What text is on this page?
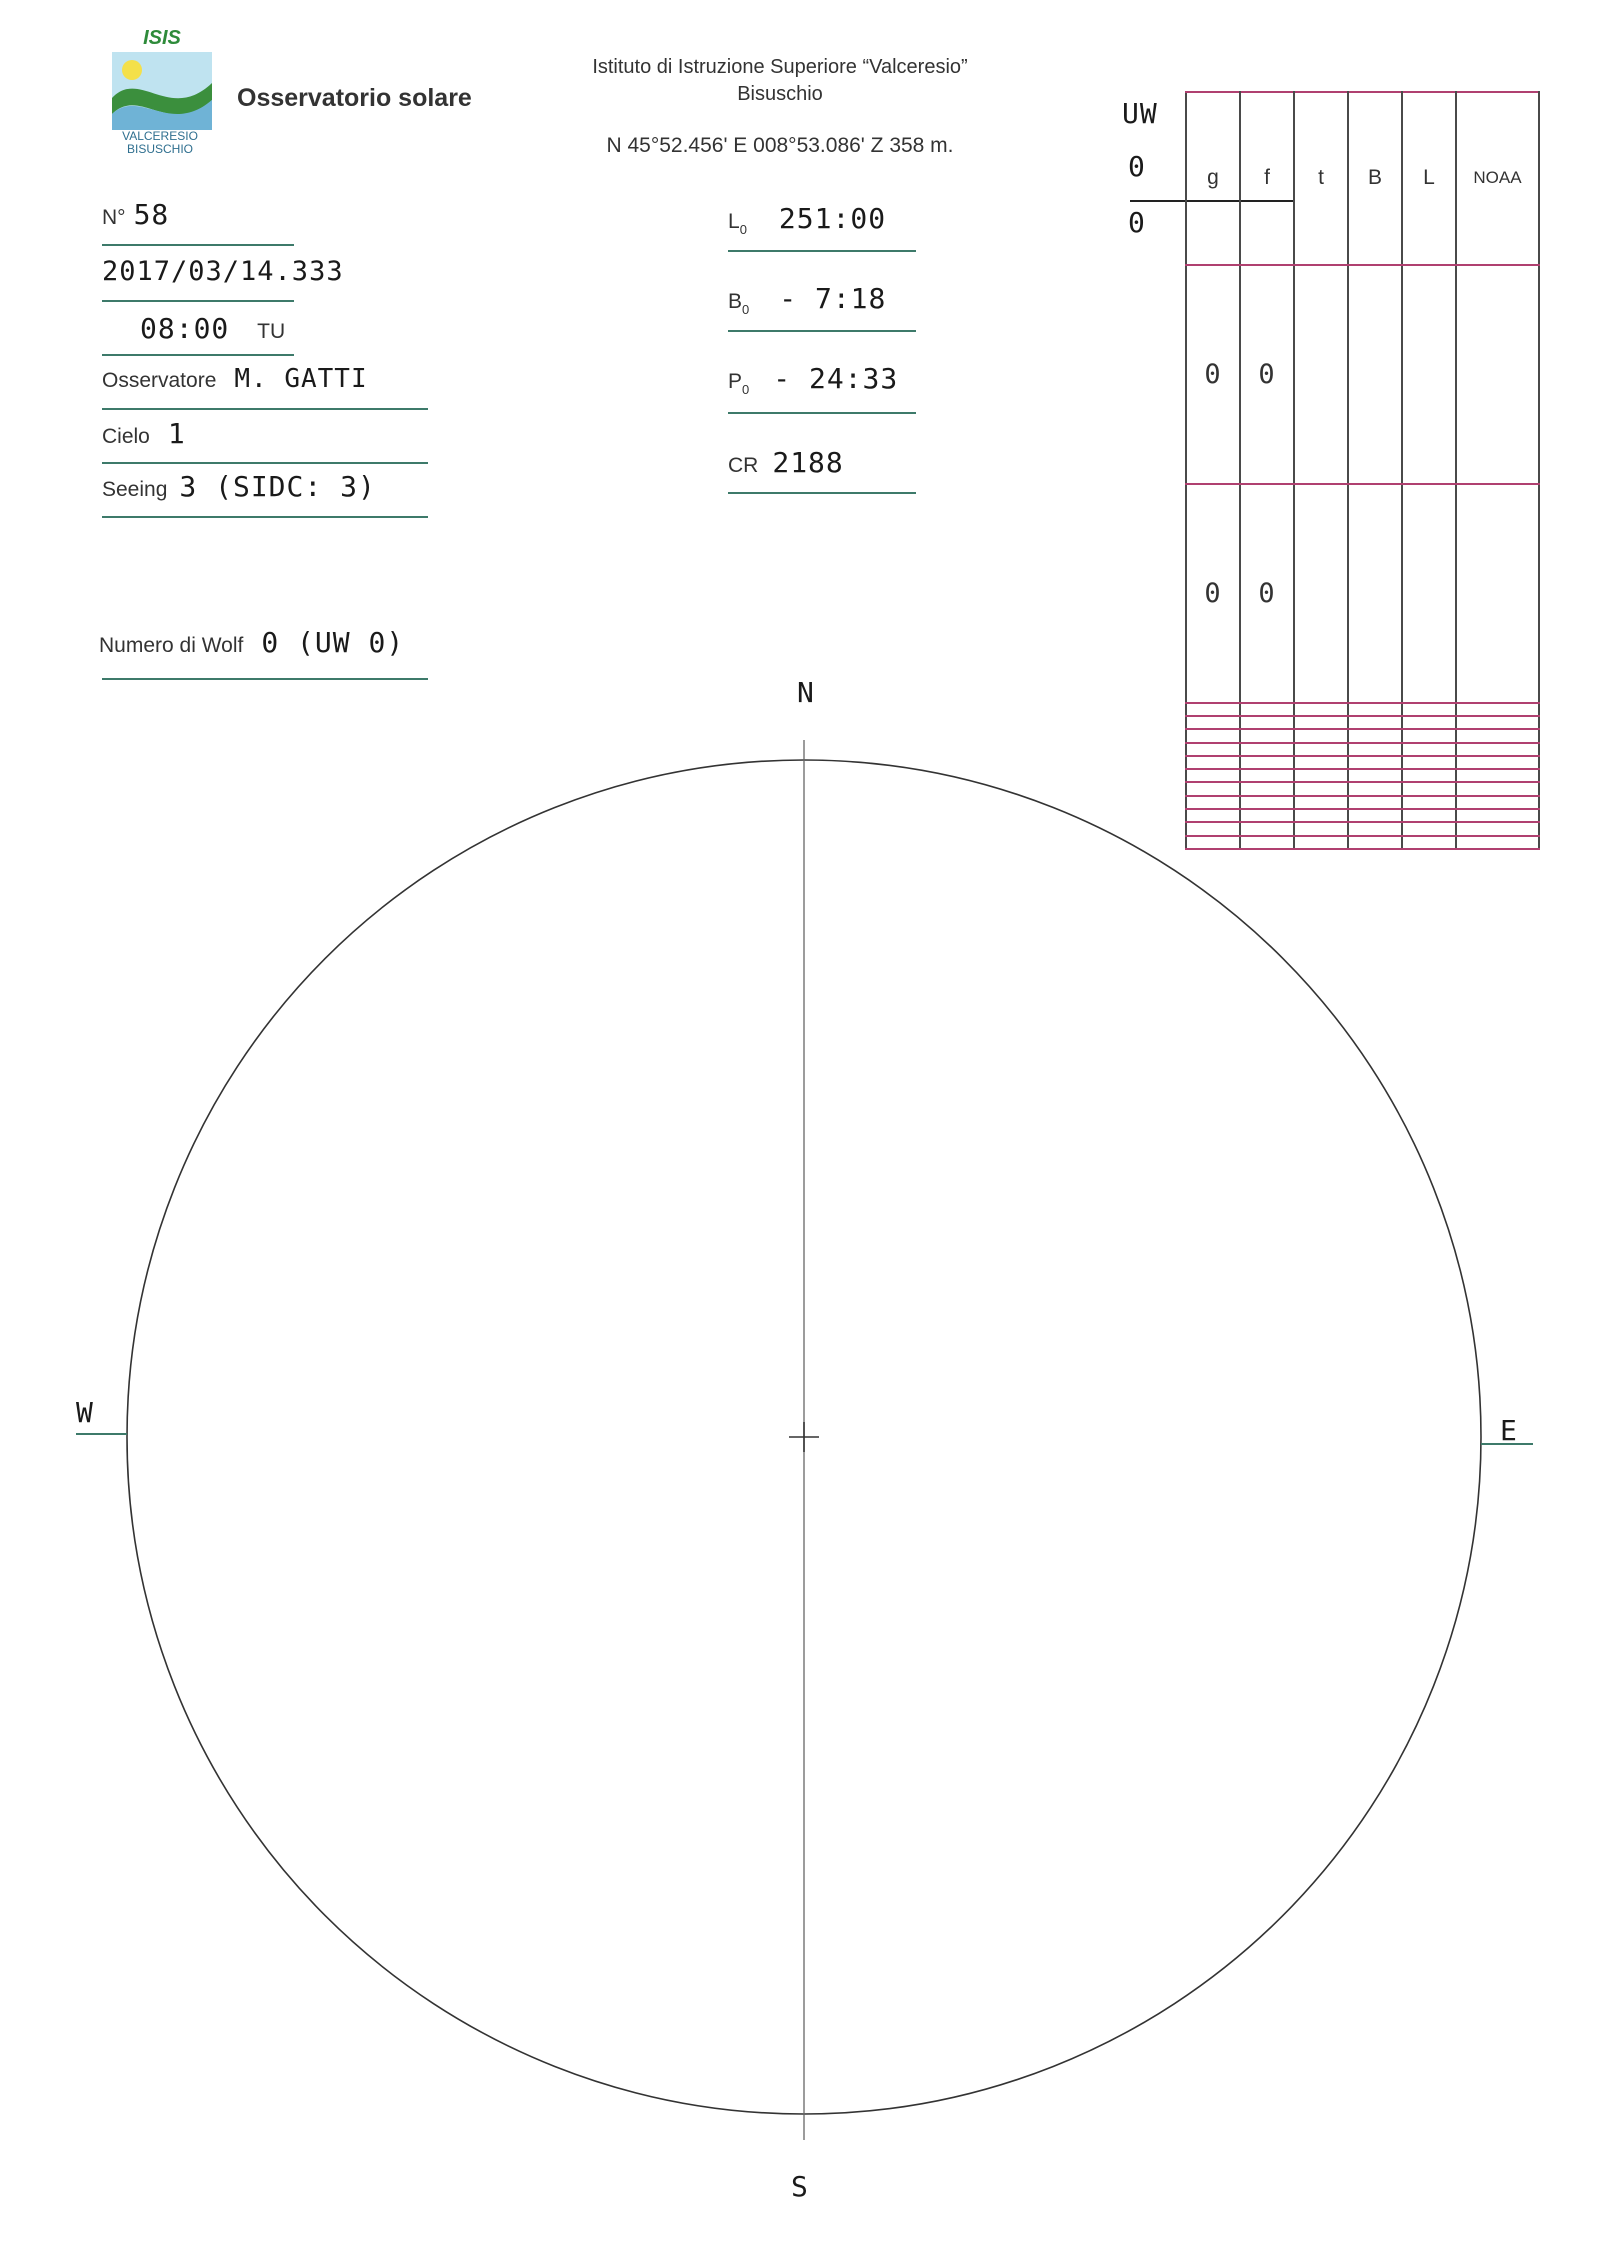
ISIS
VALCERESIO
BISUSCHIO
Osservatorio solare
Istituto di Istruzione Superiore “Valceresio”
Bisuschio
N 45°52.456' E 008°53.086' Z 358 m.
N° 58
2017/03/14.333
08:00 TU
Osservatore M. GATTI
Cielo 1
Seeing 3 (SIDC: 3)
Numero di Wolf 0 (UW 0)
$L_0$ 251:00
$B_0$ - 7:18
$P_0$ - 24:33
CR 2188
UW
0
0
g	f	t	B	L	NOAA
0	0				
0	0				

N
S
E
W
